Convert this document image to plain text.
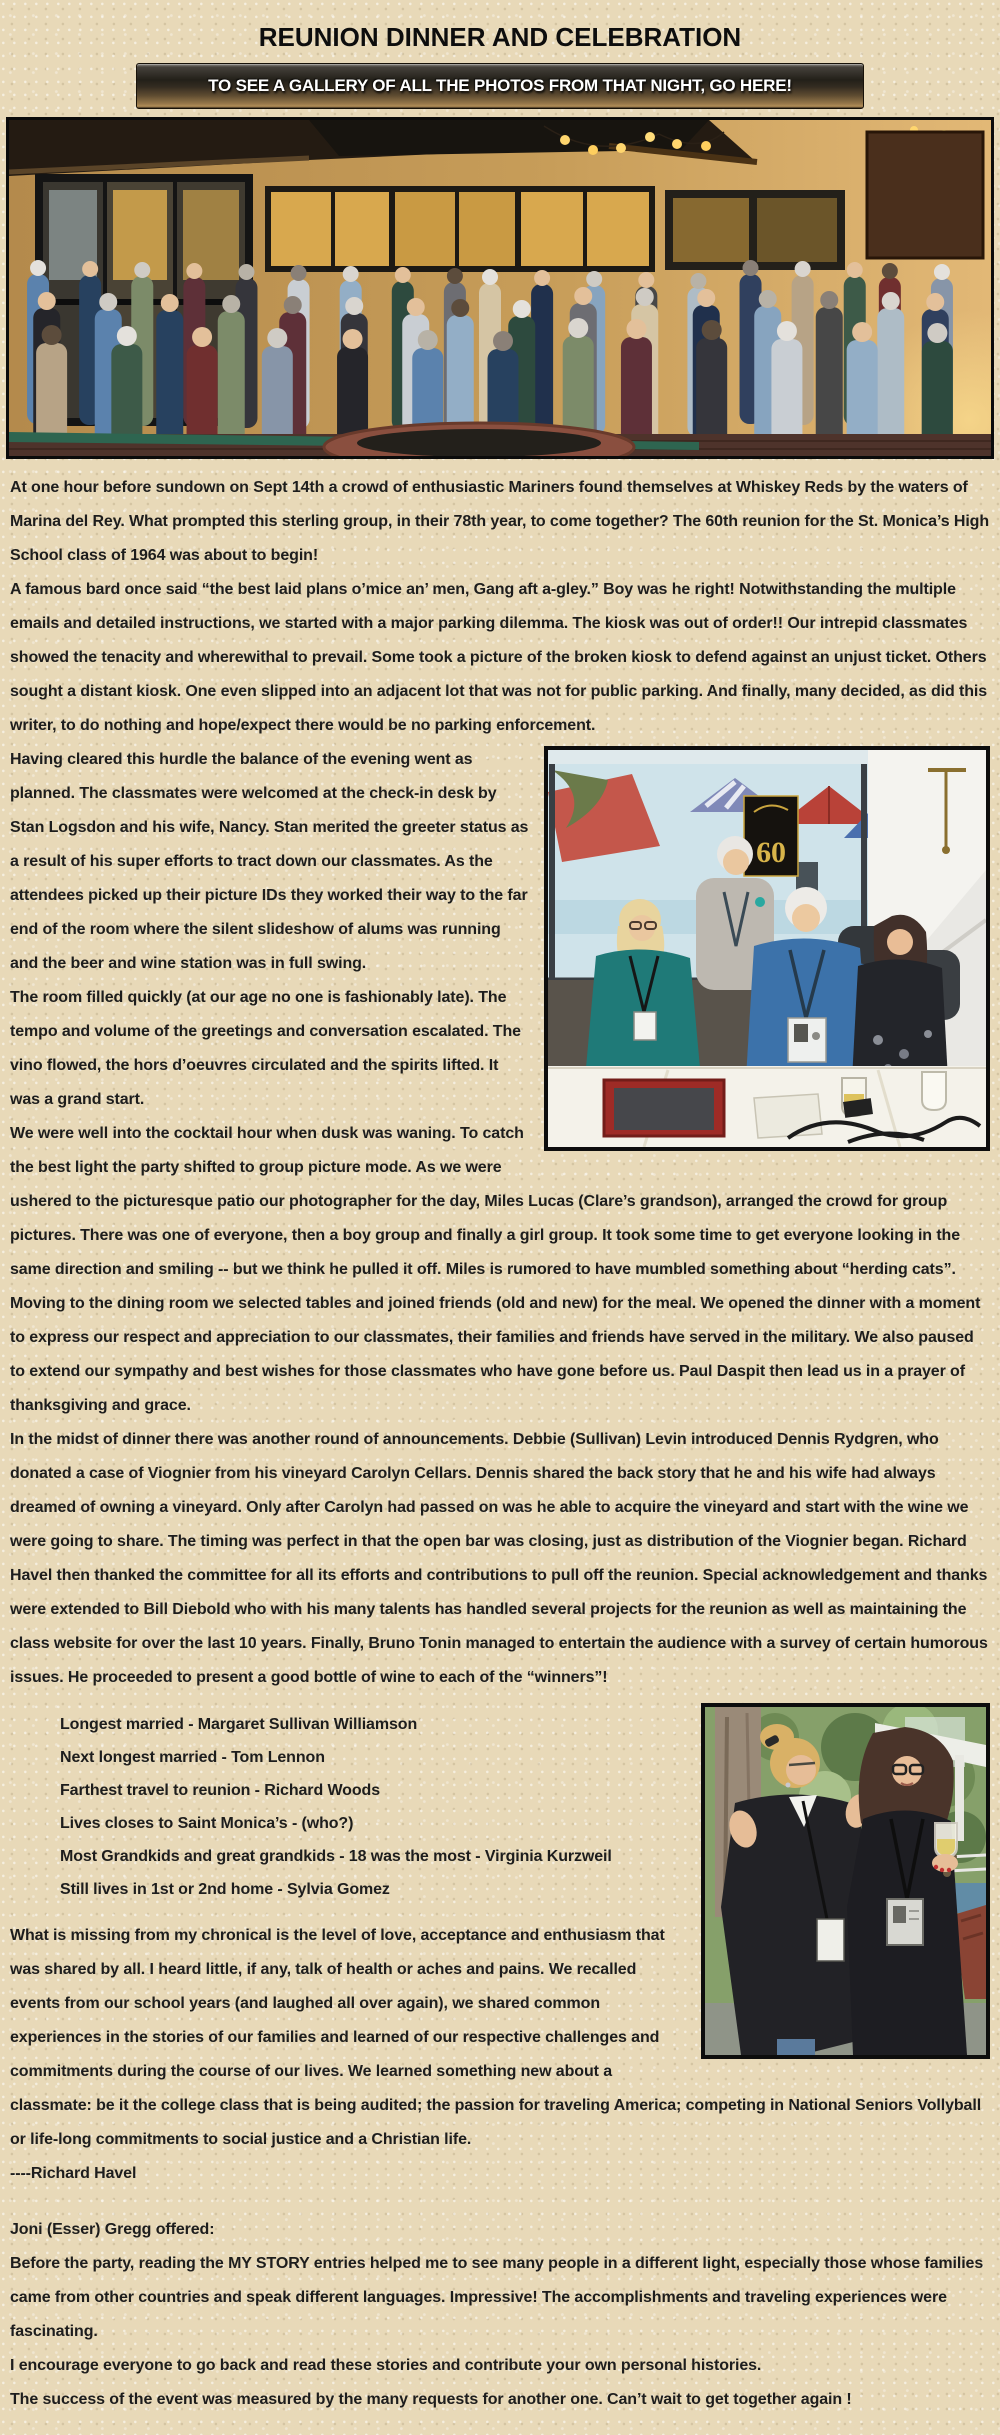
REUNION DINNER AND CELEBRATION
TO SEE A GALLERY OF ALL THE PHOTOS FROM THAT NIGHT, GO HERE!

At one hour before sundown on Sept 14th a crowd of enthusiastic Mariners found themselves at Whiskey Reds by the waters of Marina del Rey. What prompted this sterling group, in their 78th year, to come together? The 60th reunion for the St. Monica’s High School class of 1964 was about to begin!

A famous bard once said “the best laid plans o’mice an’ men, Gang aft a-gley.” Boy was he right! Notwithstanding the multiple emails and detailed instructions, we started with a major parking dilemma. The kiosk was out of order!! Our intrepid classmates showed the tenacity and wherewithal to prevail. Some took a picture of the broken kiosk to defend against an unjust ticket. Others sought a distant kiosk. One even slipped into an adjacent lot that was not for public parking. And finally, many decided, as did this writer, to do nothing and hope/expect there would be no parking enforcement.

60

Having cleared this hurdle the balance of the evening went as planned. The classmates were welcomed at the check-in desk by Stan Logsdon and his wife, Nancy. Stan merited the greeter status as a result of his super efforts to tract down our classmates. As the attendees picked up their picture IDs they worked their way to the far end of the room where the silent slideshow of alums was running and the beer and wine station was in full swing.

The room filled quickly (at our age no one is fashionably late). The tempo and volume of the greetings and conversation escalated. The vino flowed, the hors d’oeuvres circulated and the spirits lifted. It was a grand start.

We were well into the cocktail hour when dusk was waning. To catch the best light the party shifted to group picture mode. As we were ushered to the picturesque patio our photographer for the day, Miles Lucas (Clare’s grandson), arranged the crowd for group pictures. There was one of everyone, then a boy group and finally a girl group. It took some time to get everyone looking in the same direction and smiling -- but we think he pulled it off. Miles is rumored to have mumbled something about “herding cats”.

Moving to the dining room we selected tables and joined friends (old and new) for the meal. We opened the dinner with a moment to express our respect and appreciation to our classmates, their families and friends have served in the military. We also paused to extend our sympathy and best wishes for those classmates who have gone before us. Paul Daspit then lead us in a prayer of thanksgiving and grace.

In the midst of dinner there was another round of announcements. Debbie (Sullivan) Levin introduced Dennis Rydgren, who donated a case of Viognier from his vineyard Carolyn Cellars. Dennis shared the back story that he and his wife had always dreamed of owning a vineyard. Only after Carolyn had passed on was he able to acquire the vineyard and start with the wine we were going to share. The timing was perfect in that the open bar was closing, just as distribution of the Viognier began. Richard Havel then thanked the committee for all its efforts and contributions to pull off the reunion. Special acknowledgement and thanks were extended to Bill Diebold who with his many talents has handled several projects for the reunion as well as maintaining the class website for over the last 10 years. Finally, Bruno Tonin managed to entertain the audience with a survey of certain humorous issues. He proceeded to present a good bottle of wine to each of the “winners”!

Longest married - Margaret Sullivan Williamson
Next longest married - Tom Lennon
Farthest travel to reunion - Richard Woods
Lives closes to Saint Monica’s - (who?)
Most Grandkids and great grandkids - 18 was the most - Virginia Kurzweil
Still lives in 1st or 2nd home - Sylvia Gomez

What is missing from my chronical is the level of love, acceptance and enthusiasm that was shared by all. I heard little, if any, talk of health or aches and pains. We recalled events from our school years (and laughed all over again), we shared common experiences in the stories of our families and learned of our respective challenges and commitments during the course of our lives. We learned something new about a classmate: be it the college class that is being audited; the passion for traveling America; competing in National Seniors Vollyball or life-long commitments to social justice and a Christian life.

----Richard Havel

Joni (Esser) Gregg offered:

Before the party, reading the MY STORY entries helped me to see many people in a different light, especially those whose families came from other countries and speak different languages. Impressive! The accomplishments and traveling experiences were fascinating.

I encourage everyone to go back and read these stories and contribute your own personal histories.

The success of the event was measured by the many requests for another one. Can’t wait to get together again !
